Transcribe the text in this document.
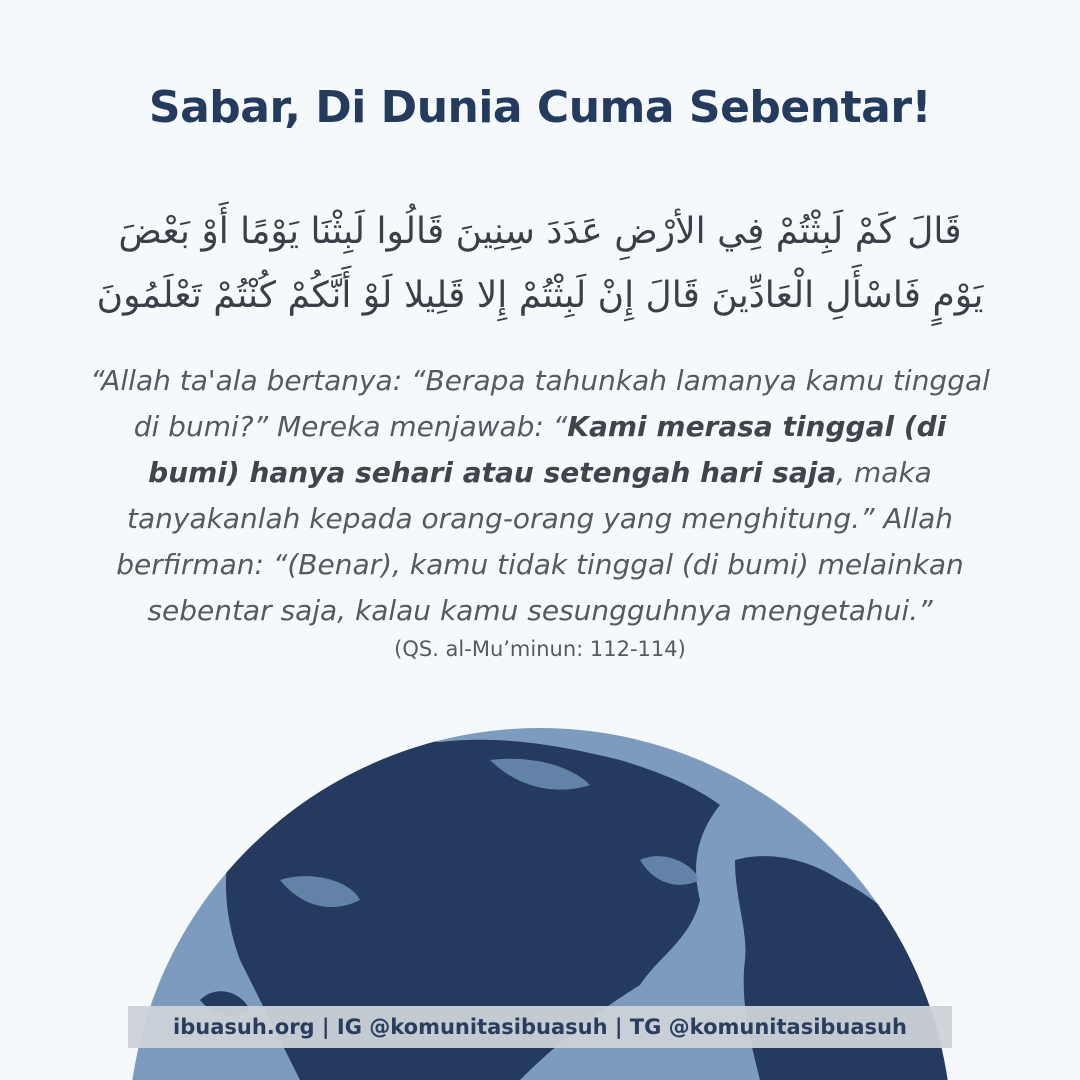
Sabar, Di Dunia Cuma Sebentar!
قَالَ كَمْ لَبِثْتُمْ فِي الأرْضِ عَدَدَ سِنِينَ قَالُوا لَبِثْنَا يَوْمًا أَوْ بَعْضَ
يَوْمٍ فَاسْأَلِ الْعَادِّينَ قَالَ إِنْ لَبِثْتُمْ إِلا قَلِيلا لَوْ أَنَّكُمْ كُنْتُمْ تَعْلَمُونَ

“Allah ta'ala bertanya: “Berapa tahunkah lamanya kamu tinggal di bumi?” Mereka menjawab: “Kami merasa tinggal (di bumi) hanya sehari atau setengah hari saja, maka tanyakanlah kepada orang-orang yang menghitung.” Allah berfirman: “(Benar), kamu tidak tinggal (di bumi) melainkan sebentar saja, kalau kamu sesungguhnya mengetahui.”

(QS. al-Mu’minun: 112-114)
ibuasuh.org | IG @komunitasibuasuh | TG @komunitasibuasuh
